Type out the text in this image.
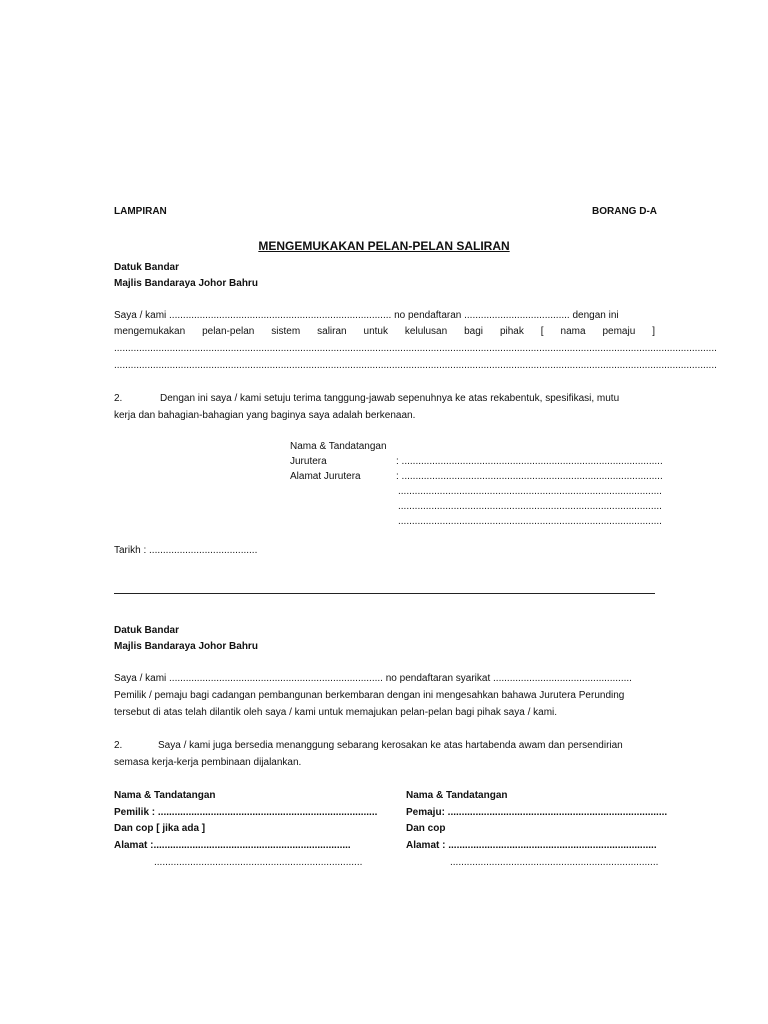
LAMPIRAN	BORANG D-A
MENGEMUKAKAN PELAN-PELAN SALIRAN
Datuk Bandar
Majlis Bandaraya Johor Bahru
Saya / kami ................................................................................ no pendaftaran ...................................... dengan ini
mengemukakan pelan-pelan sistem saliran untuk kelulusan bagi pihak [ nama pemaju ]
.........................................................................................................................................................................................................................
.........................................................................................................................................................................................................................
2.	Dengan ini saya / kami setuju terima tanggung-jawab sepenuhnya ke atas rekabentuk, spesifikasi, mutu
kerja dan bahagian-bahagian yang baginya saya adalah berkenaan.
Nama & Tandatangan
Jurutera	: ..............................................................................................
Alamat Jurutera	: ..............................................................................................
...............................................................................................
...............................................................................................
...............................................................................................
Tarikh : .......................................
Datuk Bandar
Majlis Bandaraya Johor Bahru
Saya / kami ............................................................................. no pendaftaran syarikat ..................................................
Pemilik / pemaju bagi cadangan pembangunan berkembaran dengan ini mengesahkan bahawa Jurutera Perunding
tersebut di atas telah dilantik oleh saya / kami untuk memajukan pelan-pelan bagi pihak saya / kami.
2.	Saya / kami juga bersedia menanggung sebarang kerosakan ke atas hartabenda awam dan persendirian
semasa kerja-kerja pembinaan dijalankan.
Nama & Tandatangan
Pemilik : ...............................................................................
Dan cop [ jika ada ]
Alamat :.......................................................................
...........................................................................
Nama & Tandatangan
Pemaju: ...............................................................................
Dan cop
Alamat : ...........................................................................
...........................................................................
